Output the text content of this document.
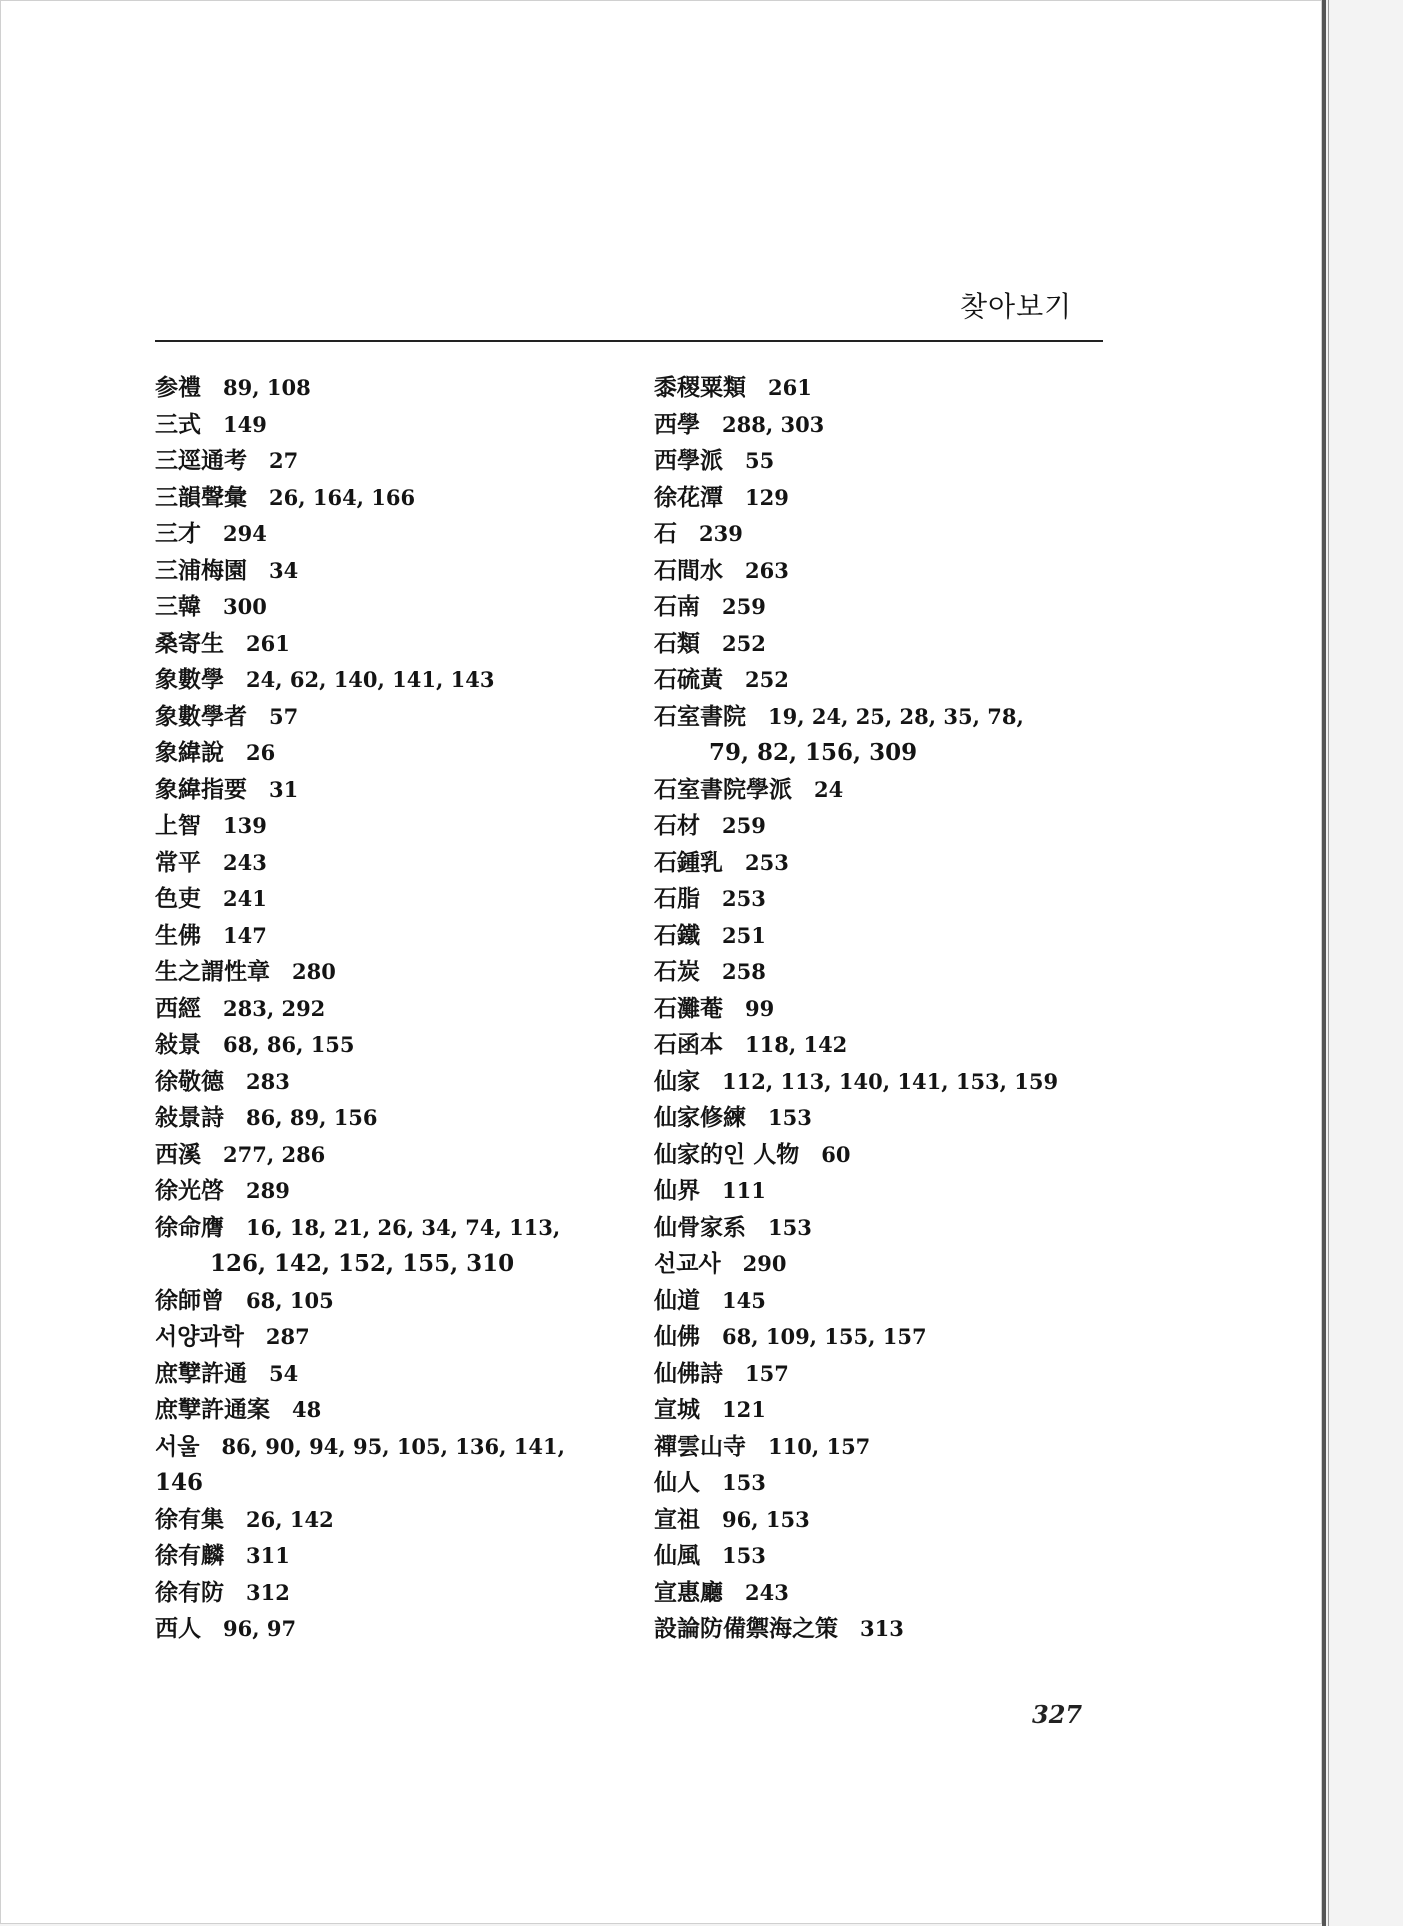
찾아보기
参禮 89, 108
三式 149
三逕通考 27
三韻聲彙 26, 164, 166
三才 294
三浦梅園 34
三韓 300
桑寄生 261
象數學 24, 62, 140, 141, 143
象數學者 57
象緯說 26
象緯指要 31
上智 139
常平 243
色吏 241
生佛 147
生之謂性章 280
西經 283, 292
敍景 68, 86, 155
徐敬德 283
敍景詩 86, 89, 156
西溪 277, 286
徐光啓 289
徐命膺 16, 18, 21, 26, 34, 74, 113,
126, 142, 152, 155, 310
徐師曾 68, 105
서양과학 287
庶孼許通 54
庶孼許通案 48
서울 86, 90, 94, 95, 105, 136, 141,
146
徐有集 26, 142
徐有麟 311
徐有防 312
西人 96, 97
黍稷粟類 261
西學 288, 303
西學派 55
徐花潭 129
石 239
石間水 263
石南 259
石類 252
石硫黃 252
石室書院 19, 24, 25, 28, 35, 78,
79, 82, 156, 309
石室書院學派 24
石材 259
石鍾乳 253
石脂 253
石鐵 251
石炭 258
石灘菴 99
石函本 118, 142
仙家 112, 113, 140, 141, 153, 159
仙家修練 153
仙家的인 人物 60
仙界 111
仙骨家系 153
선교사 290
仙道 145
仙佛 68, 109, 155, 157
仙佛詩 157
宣城 121
禪雲山寺 110, 157
仙人 153
宣祖 96, 153
仙風 153
宣惠廳 243
設論防備禦海之策 313
327
